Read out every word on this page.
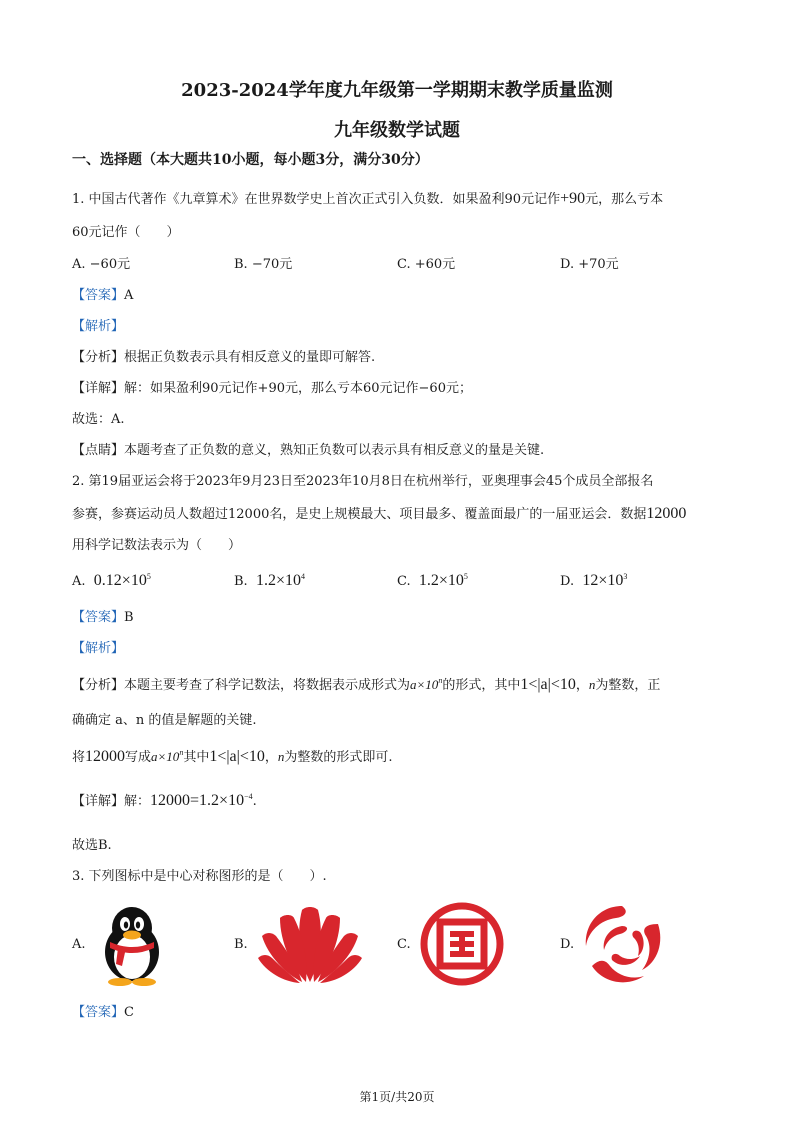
2023-2024学年度九年级第一学期期末教学质量监测
九年级数学试题
一、选择题（本大题共10小题，每小题3分，满分30分）
1. 中国古代著作《九章算术》在世界数学史上首次正式引入负数．如果盈利90元记作+90元，那么亏本
60元记作（　　）
A. −60元	B. −70元	C. +60元	D. +70元
【答案】A
【解析】
【分析】根据正负数表示具有相反意义的量即可解答.
【详解】解：如果盈利90元记作+90元，那么亏本60元记作−60元；
故选：A.
【点睛】本题考查了正负数的意义，熟知正负数可以表示具有相反意义的量是关键.
2. 第19届亚运会将于2023年9月23日至2023年10月8日在杭州举行，亚奥理事会45个成员全部报名
参赛，参赛运动员人数超过12000名，是史上规模最大、项目最多、覆盖面最广的一届亚运会．数据12000
用科学记数法表示为（　　）
A. $0.12\times 10^5$	B. $1.2\times 10^4$	C. $1.2\times 10^5$	D. $12\times 10^3$
【答案】B
【解析】
【分析】本题主要考查了科学记数法，将数据表示成形式为$a\times 10^n$的形式，其中1<|a|<10，n为整数，正
确确定 a、n 的值是解题的关键.
将12000写成$a\times 10^n$其中1<|a|<10，n为整数的形式即可.
【详解】解：$12000=1.2\times 10^{-4}$.
故选B.
3. 下列图标中是中心对称图形的是（　　）.
A.	B.	C.	D.
【答案】C
第1页/共20页
